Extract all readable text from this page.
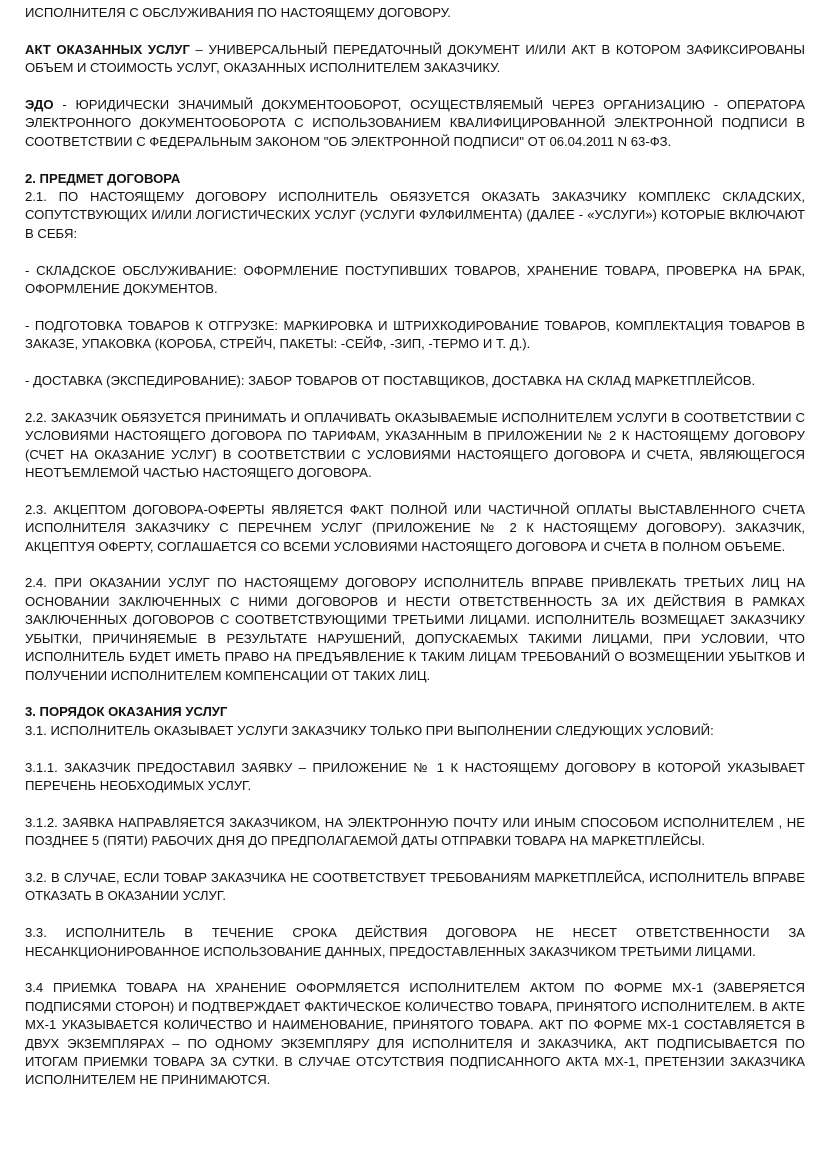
ИСПОЛНИТЕЛЯ С ОБСЛУЖИВАНИЯ ПО НАСТОЯЩЕМУ ДОГОВОРУ.

АКТ ОКАЗАННЫХ УСЛУГ – УНИВЕРСАЛЬНЫЙ ПЕРЕДАТОЧНЫЙ ДОКУМЕНТ И/ИЛИ АКТ В КОТОРОМ ЗАФИКСИРОВАНЫ ОБЪЕМ И СТОИМОСТЬ УСЛУГ, ОКАЗАННЫХ ИСПОЛНИТЕЛЕМ ЗАКАЗЧИКУ.

ЭДО - ЮРИДИЧЕСКИ ЗНАЧИМЫЙ ДОКУМЕНТООБОРОТ, ОСУЩЕСТВЛЯЕМЫЙ ЧЕРЕЗ ОРГАНИЗАЦИЮ - ОПЕРАТОРА ЭЛЕКТРОННОГО ДОКУМЕНТООБОРОТА С ИСПОЛЬЗОВАНИЕМ КВАЛИФИЦИРОВАННОЙ ЭЛЕКТРОННОЙ ПОДПИСИ В СООТВЕТСТВИИ С ФЕДЕРАЛЬНЫМ ЗАКОНОМ "ОБ ЭЛЕКТРОННОЙ ПОДПИСИ" ОТ 06.04.2011 N 63-ФЗ.

2. ПРЕДМЕТ ДОГОВОРА

2.1. ПО НАСТОЯЩЕМУ ДОГОВОРУ ИСПОЛНИТЕЛЬ ОБЯЗУЕТСЯ ОКАЗАТЬ ЗАКАЗЧИКУ КОМПЛЕКС СКЛАДСКИХ, СОПУТСТВУЮЩИХ И/ИЛИ ЛОГИСТИЧЕСКИХ УСЛУГ (УСЛУГИ ФУЛФИЛМЕНТА) (ДАЛЕЕ - «УСЛУГИ») КОТОРЫЕ ВКЛЮЧАЮТ В СЕБЯ:

- СКЛАДСКОЕ ОБСЛУЖИВАНИЕ: ОФОРМЛЕНИЕ ПОСТУПИВШИХ ТОВАРОВ, ХРАНЕНИЕ ТОВАРА, ПРОВЕРКА НА БРАК, ОФОРМЛЕНИЕ ДОКУМЕНТОВ.

- ПОДГОТОВКА ТОВАРОВ К ОТГРУЗКЕ: МАРКИРОВКА И ШТРИХКОДИРОВАНИЕ ТОВАРОВ, КОМПЛЕКТАЦИЯ ТОВАРОВ В ЗАКАЗЕ, УПАКОВКА (КОРОБА, СТРЕЙЧ, ПАКЕТЫ: -СЕЙФ, -ЗИП, -ТЕРМО И Т. Д.).

- ДОСТАВКА (ЭКСПЕДИРОВАНИЕ): ЗАБОР ТОВАРОВ ОТ ПОСТАВЩИКОВ, ДОСТАВКА НА СКЛАД МАРКЕТПЛЕЙСОВ.

2.2. ЗАКАЗЧИК ОБЯЗУЕТСЯ ПРИНИМАТЬ И ОПЛАЧИВАТЬ ОКАЗЫВАЕМЫЕ ИСПОЛНИТЕЛЕМ УСЛУГИ В СООТВЕТСТВИИ С УСЛОВИЯМИ НАСТОЯЩЕГО ДОГОВОРА ПО ТАРИФАМ, УКАЗАННЫМ В ПРИЛОЖЕНИИ № 2 К НАСТОЯЩЕМУ ДОГОВОРУ (СЧЕТ НА ОКАЗАНИЕ УСЛУГ) В СООТВЕТСТВИИ С УСЛОВИЯМИ НАСТОЯЩЕГО ДОГОВОРА И СЧЕТА, ЯВЛЯЮЩЕГОСЯ НЕОТЪЕМЛЕМОЙ ЧАСТЬЮ НАСТОЯЩЕГО ДОГОВОРА.

2.3. АКЦЕПТОМ ДОГОВОРА-ОФЕРТЫ ЯВЛЯЕТСЯ ФАКТ ПОЛНОЙ ИЛИ ЧАСТИЧНОЙ ОПЛАТЫ ВЫСТАВЛЕННОГО СЧЕТА ИСПОЛНИТЕЛЯ ЗАКАЗЧИКУ С ПЕРЕЧНЕМ УСЛУГ (ПРИЛОЖЕНИЕ № 2 К НАСТОЯЩЕМУ ДОГОВОРУ). ЗАКАЗЧИК, АКЦЕПТУЯ ОФЕРТУ, СОГЛАШАЕТСЯ СО ВСЕМИ УСЛОВИЯМИ НАСТОЯЩЕГО ДОГОВОРА И СЧЕТА В ПОЛНОМ ОБЪЕМЕ.

2.4. ПРИ ОКАЗАНИИ УСЛУГ ПО НАСТОЯЩЕМУ ДОГОВОРУ ИСПОЛНИТЕЛЬ ВПРАВЕ ПРИВЛЕКАТЬ ТРЕТЬИХ ЛИЦ НА ОСНОВАНИИ ЗАКЛЮЧЕННЫХ С НИМИ ДОГОВОРОВ И НЕСТИ ОТВЕТСТВЕННОСТЬ ЗА ИХ ДЕЙСТВИЯ В РАМКАХ ЗАКЛЮЧЕННЫХ ДОГОВОРОВ С СООТВЕТСТВУЮЩИМИ ТРЕТЬИМИ ЛИЦАМИ. ИСПОЛНИТЕЛЬ ВОЗМЕЩАЕТ ЗАКАЗЧИКУ УБЫТКИ, ПРИЧИНЯЕМЫЕ В РЕЗУЛЬТАТЕ НАРУШЕНИЙ, ДОПУСКАЕМЫХ ТАКИМИ ЛИЦАМИ, ПРИ УСЛОВИИ, ЧТО ИСПОЛНИТЕЛЬ БУДЕТ ИМЕТЬ ПРАВО НА ПРЕДЪЯВЛЕНИЕ К ТАКИМ ЛИЦАМ ТРЕБОВАНИЙ О ВОЗМЕЩЕНИИ УБЫТКОВ И ПОЛУЧЕНИИ ИСПОЛНИТЕЛЕМ КОМПЕНСАЦИИ ОТ ТАКИХ ЛИЦ.

3. ПОРЯДОК ОКАЗАНИЯ УСЛУГ

3.1. ИСПОЛНИТЕЛЬ ОКАЗЫВАЕТ УСЛУГИ ЗАКАЗЧИКУ ТОЛЬКО ПРИ ВЫПОЛНЕНИИ СЛЕДУЮЩИХ УСЛОВИЙ:

3.1.1. ЗАКАЗЧИК ПРЕДОСТАВИЛ ЗАЯВКУ – ПРИЛОЖЕНИЕ № 1 К НАСТОЯЩЕМУ ДОГОВОРУ В КОТОРОЙ УКАЗЫВАЕТ ПЕРЕЧЕНЬ НЕОБХОДИМЫХ УСЛУГ.

3.1.2. ЗАЯВКА НАПРАВЛЯЕТСЯ ЗАКАЗЧИКОМ, НА ЭЛЕКТРОННУЮ ПОЧТУ ИЛИ ИНЫМ СПОСОБОМ ИСПОЛНИТЕЛЕМ , НЕ ПОЗДНЕЕ 5 (ПЯТИ) РАБОЧИХ ДНЯ ДО ПРЕДПОЛАГАЕМОЙ ДАТЫ ОТПРАВКИ ТОВАРА НА МАРКЕТПЛЕЙСЫ.

3.2. В СЛУЧАЕ, ЕСЛИ ТОВАР ЗАКАЗЧИКА НЕ СООТВЕТСТВУЕТ ТРЕБОВАНИЯМ МАРКЕТПЛЕЙСА, ИСПОЛНИТЕЛЬ ВПРАВЕ ОТКАЗАТЬ В ОКАЗАНИИ УСЛУГ.

3.3. ИСПОЛНИТЕЛЬ В ТЕЧЕНИЕ СРОКА ДЕЙСТВИЯ ДОГОВОРА НЕ НЕСЕТ ОТВЕТСТВЕННОСТИ ЗА НЕСАНКЦИОНИРОВАННОЕ ИСПОЛЬЗОВАНИЕ ДАННЫХ, ПРЕДОСТАВЛЕННЫХ ЗАКАЗЧИКОМ ТРЕТЬИМИ ЛИЦАМИ.

3.4 ПРИЕМКА ТОВАРА НА ХРАНЕНИЕ ОФОРМЛЯЕТСЯ ИСПОЛНИТЕЛЕМ АКТОМ ПО ФОРМЕ МХ-1 (ЗАВЕРЯЕТСЯ ПОДПИСЯМИ СТОРОН) И ПОДТВЕРЖДАЕТ ФАКТИЧЕСКОЕ КОЛИЧЕСТВО ТОВАРА, ПРИНЯТОГО ИСПОЛНИТЕЛЕМ. В АКТЕ МХ-1 УКАЗЫВАЕТСЯ КОЛИЧЕСТВО И НАИМЕНОВАНИЕ, ПРИНЯТОГО ТОВАРА. АКТ ПО ФОРМЕ МХ-1 СОСТАВЛЯЕТСЯ В ДВУХ ЭКЗЕМПЛЯРАХ – ПО ОДНОМУ ЭКЗЕМПЛЯРУ ДЛЯ ИСПОЛНИТЕЛЯ И ЗАКАЗЧИКА, АКТ ПОДПИСЫВАЕТСЯ ПО ИТОГАМ ПРИЕМКИ ТОВАРА ЗА СУТКИ. В СЛУЧАЕ ОТСУТСТВИЯ ПОДПИСАННОГО АКТА МХ-1, ПРЕТЕНЗИИ ЗАКАЗЧИКА ИСПОЛНИТЕЛЕМ НЕ ПРИНИМАЮТСЯ.
